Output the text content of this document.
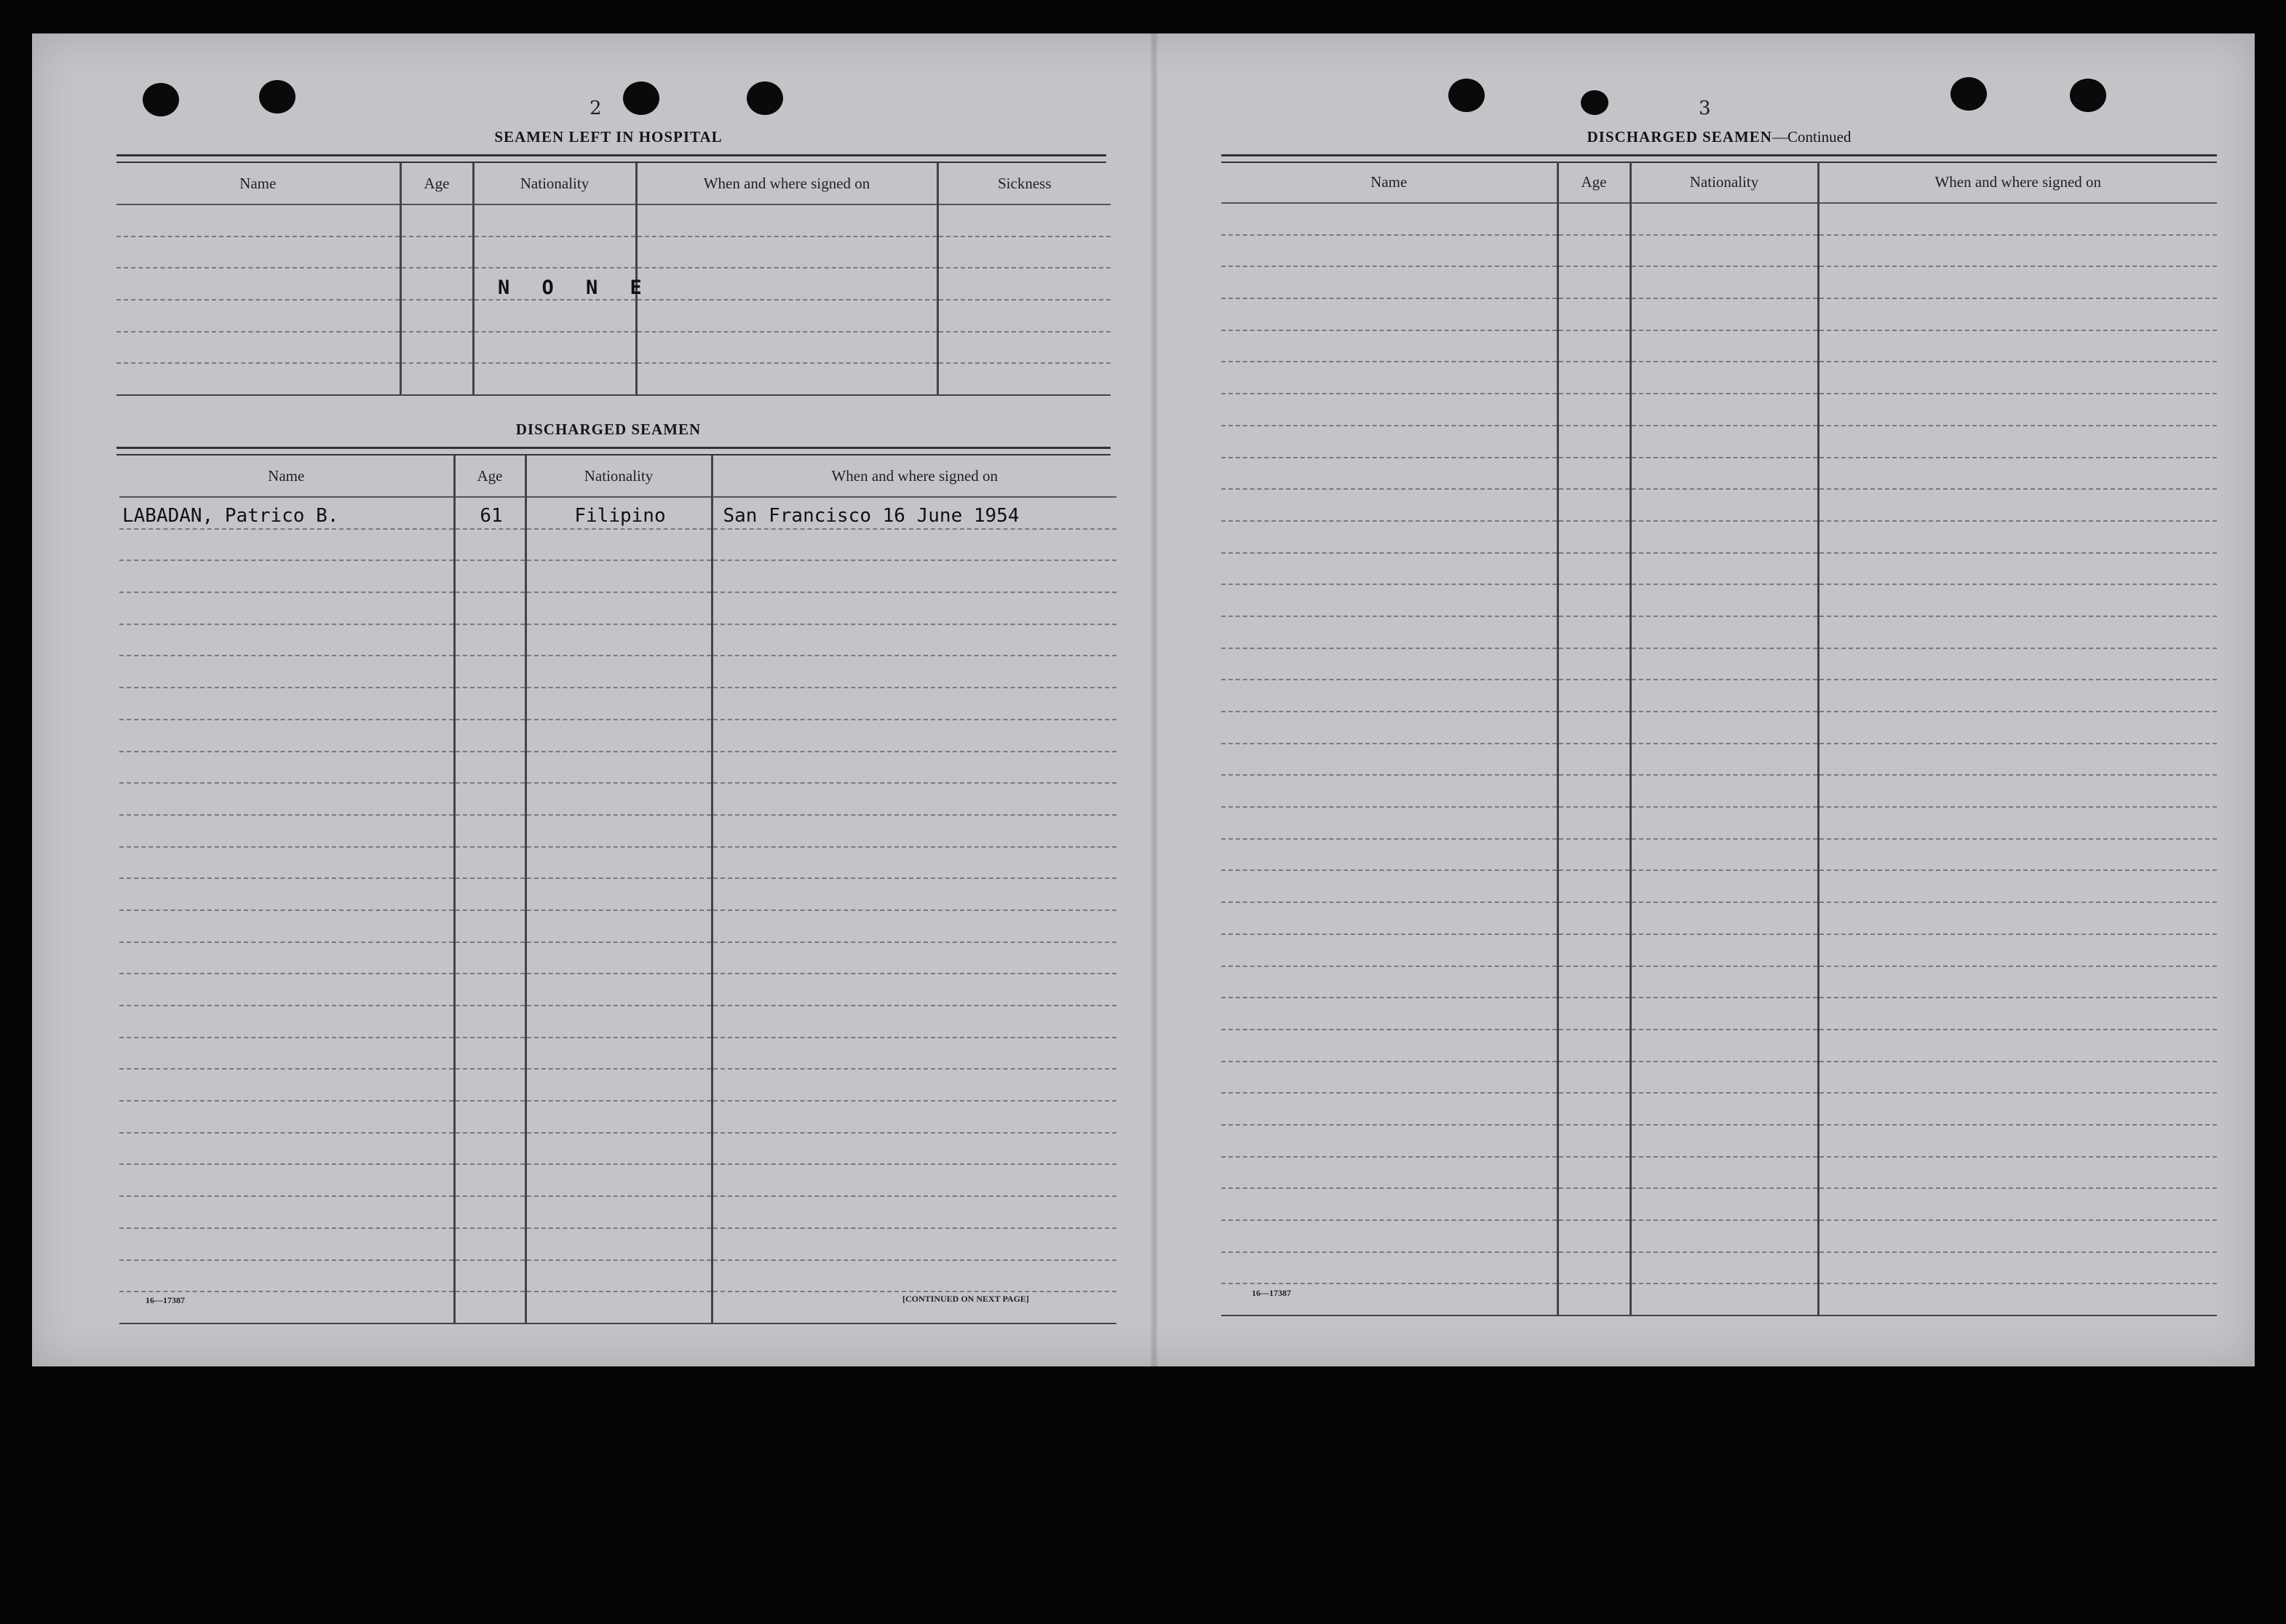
2
SEAMEN LEFT IN HOSPITAL
Name	Age	Nationality	When and where signed on	Sickness

N O N E
DISCHARGED SEAMEN
Name	Age	Nationality	When and where signed on
LABADAN, Patrico B.	61	Filipino	San Francisco 16 June 1954

16—17387	[CONTINUED ON NEXT PAGE]
3
DISCHARGED SEAMEN—Continued
Name	Age	Nationality	When and where signed on

16—17387
